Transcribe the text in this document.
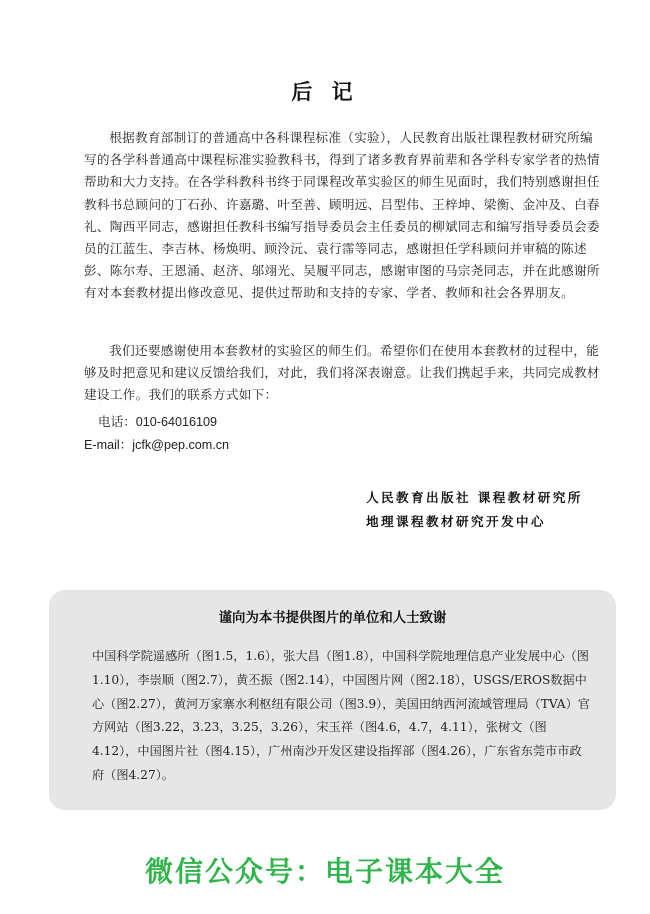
后 记
根据教育部制订的普通高中各科课程标准（实验），人民教育出版社课程教材研究所编写的各学科普通高中课程标准实验教科书，得到了诸多教育界前辈和各学科专家学者的热情帮助和大力支持。在各学科教科书终于同课程改革实验区的师生见面时，我们特别感谢担任教科书总顾问的丁石孙、许嘉璐、叶至善、顾明远、吕型伟、王梓坤、梁衡、金冲及、白春礼、陶西平同志，感谢担任教科书编写指导委员会主任委员的柳斌同志和编写指导委员会委员的江蓝生、李吉林、杨焕明、顾泠沅、袁行霈等同志，感谢担任学科顾问并审稿的陈述彭、陈尔寿、王恩涌、赵济、邬翊光、吴履平同志，感谢审图的马宗尧同志，并在此感谢所有对本套教材提出修改意见、提供过帮助和支持的专家、学者、教师和社会各界朋友。
我们还要感谢使用本套教材的实验区的师生们。希望你们在使用本套教材的过程中，能够及时把意见和建议反馈给我们，对此，我们将深表谢意。让我们携起手来，共同完成教材建设工作。我们的联系方式如下：
电话：010-64016109
E-mail：jcfk@pep.com.cn
人民教育出版社 课程教材研究所
地理课程教材研究开发中心
谨向为本书提供图片的单位和人士致谢
中国科学院遥感所（图1.5，1.6），张大昌（图1.8），中国科学院地理信息产业发展中心（图1.10），李崇顺（图2.7），黄丕振（图2.14），中国图片网（图2.18），USGS/EROS数据中心（图2.27），黄河万家寨水利枢纽有限公司（图3.9），美国田纳西河流域管理局（TVA）官方网站（图3.22，3.23，3.25，3.26），宋玉祥（图4.6，4.7，4.11），张树文（图4.12），中国图片社（图4.15），广州南沙开发区建设指挥部（图4.26），广东省东莞市市政府（图4.27）。
微信公众号：电子课本大全
